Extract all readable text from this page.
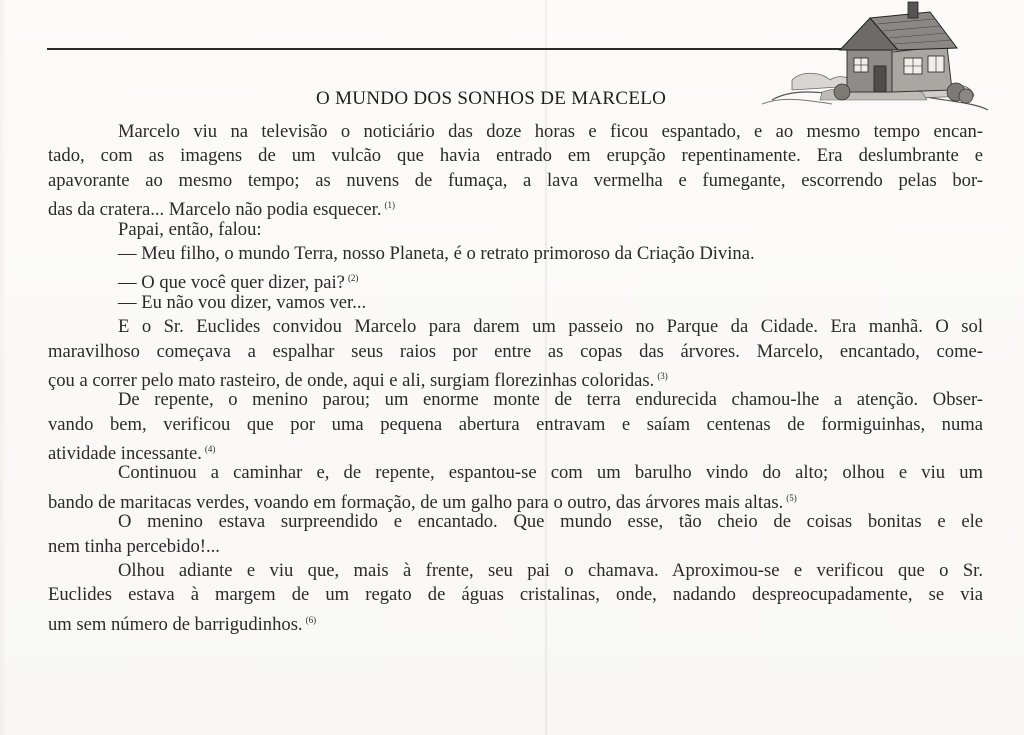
O MUNDO DOS SONHOS DE MARCELO
Marcelo viu na televisão o noticiário das doze horas e ficou espantado, e ao mesmo tempo encan-
tado, com as imagens de um vulcão que havia entrado em erupção repentinamente. Era deslumbrante e
apavorante ao mesmo tempo; as nuvens de fumaça, a lava vermelha e fumegante, escorrendo pelas bor-
das da cratera... Marcelo não podia esquecer. $^{(1)}$
Papai, então, falou:
— Meu filho, o mundo Terra, nosso Planeta, é o retrato primoroso da Criação Divina.
— O que você quer dizer, pai? $^{(2)}$
— Eu não vou dizer, vamos ver...
E o Sr. Euclides convidou Marcelo para darem um passeio no Parque da Cidade. Era manhã. O sol
maravilhoso começava a espalhar seus raios por entre as copas das árvores. Marcelo, encantado, come-
çou a correr pelo mato rasteiro, de onde, aqui e ali, surgiam florezinhas coloridas. $^{(3)}$
De repente, o menino parou; um enorme monte de terra endurecida chamou-lhe a atenção. Obser-
vando bem, verificou que por uma pequena abertura entravam e saíam centenas de formiguinhas, numa
atividade incessante. $^{(4)}$
Continuou a caminhar e, de repente, espantou-se com um barulho vindo do alto; olhou e viu um
bando de maritacas verdes, voando em formação, de um galho para o outro, das árvores mais altas. $^{(5)}$
O menino estava surpreendido e encantado. Que mundo esse, tão cheio de coisas bonitas e ele
nem tinha percebido!...
Olhou adiante e viu que, mais à frente, seu pai o chamava. Aproximou-se e verificou que o Sr.
Euclides estava à margem de um regato de águas cristalinas, onde, nadando despreocupadamente, se via
um sem número de barrigudinhos. $^{(6)}$
